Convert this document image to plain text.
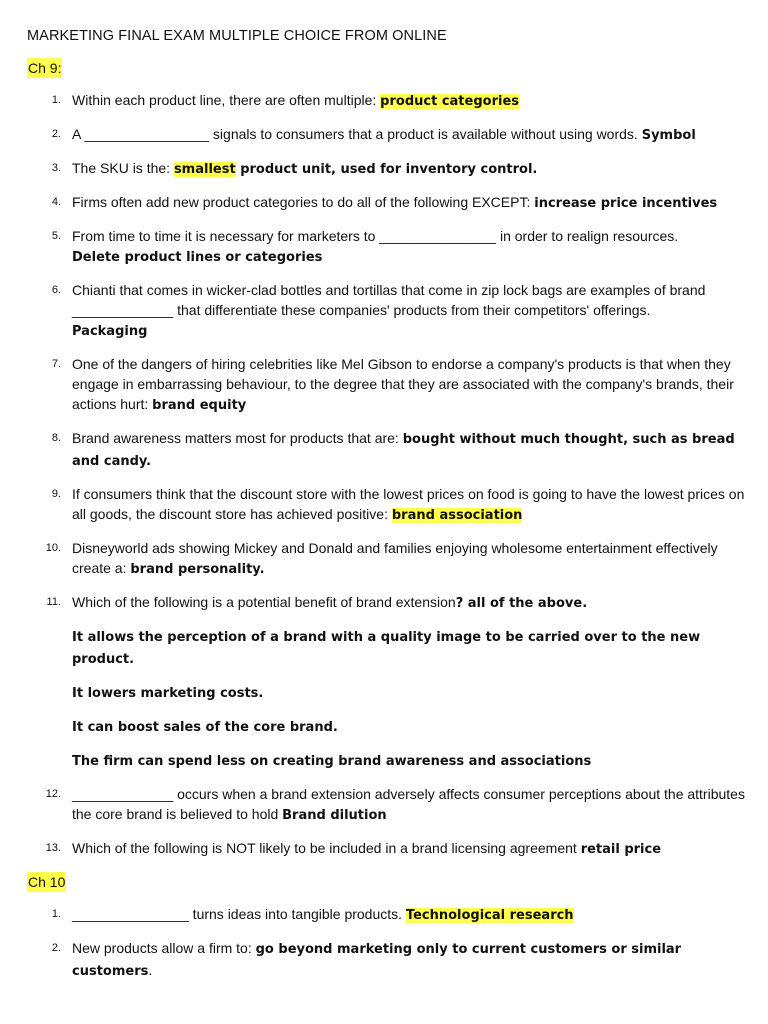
MARKETING FINAL EXAM MULTIPLE CHOICE FROM ONLINE
Ch 9:
1. Within each product line, there are often multiple: product categories
2. A ________________ signals to consumers that a product is available without using words. Symbol
3. The SKU is the: smallest product unit, used for inventory control.
4. Firms often add new product categories to do all of the following EXCEPT: increase price incentives
5. From time to time it is necessary for marketers to _______________ in order to realign resources.
Delete product lines or categories
6. Chianti that comes in wicker-clad bottles and tortillas that come in zip lock bags are examples of brand _____________ that differentiate these companies' products from their competitors' offerings.
Packaging
7. One of the dangers of hiring celebrities like Mel Gibson to endorse a company's products is that when they engage in embarrassing behaviour, to the degree that they are associated with the company's brands, their actions hurt: brand equity
8. Brand awareness matters most for products that are: bought without much thought, such as bread and candy.
9. If consumers think that the discount store with the lowest prices on food is going to have the lowest prices on all goods, the discount store has achieved positive: brand association
10. Disneyworld ads showing Mickey and Donald and families enjoying wholesome entertainment effectively create a: brand personality.
11. Which of the following is a potential benefit of brand extension? all of the above.
It allows the perception of a brand with a quality image to be carried over to the new product.
It lowers marketing costs.
It can boost sales of the core brand.
The firm can spend less on creating brand awareness and associations
12. _____________ occurs when a brand extension adversely affects consumer perceptions about the attributes the core brand is believed to hold Brand dilution
13. Which of the following is NOT likely to be included in a brand licensing agreement retail price
Ch 10
1. _______________ turns ideas into tangible products. Technological research
2. New products allow a firm to: go beyond marketing only to current customers or similar customers.
